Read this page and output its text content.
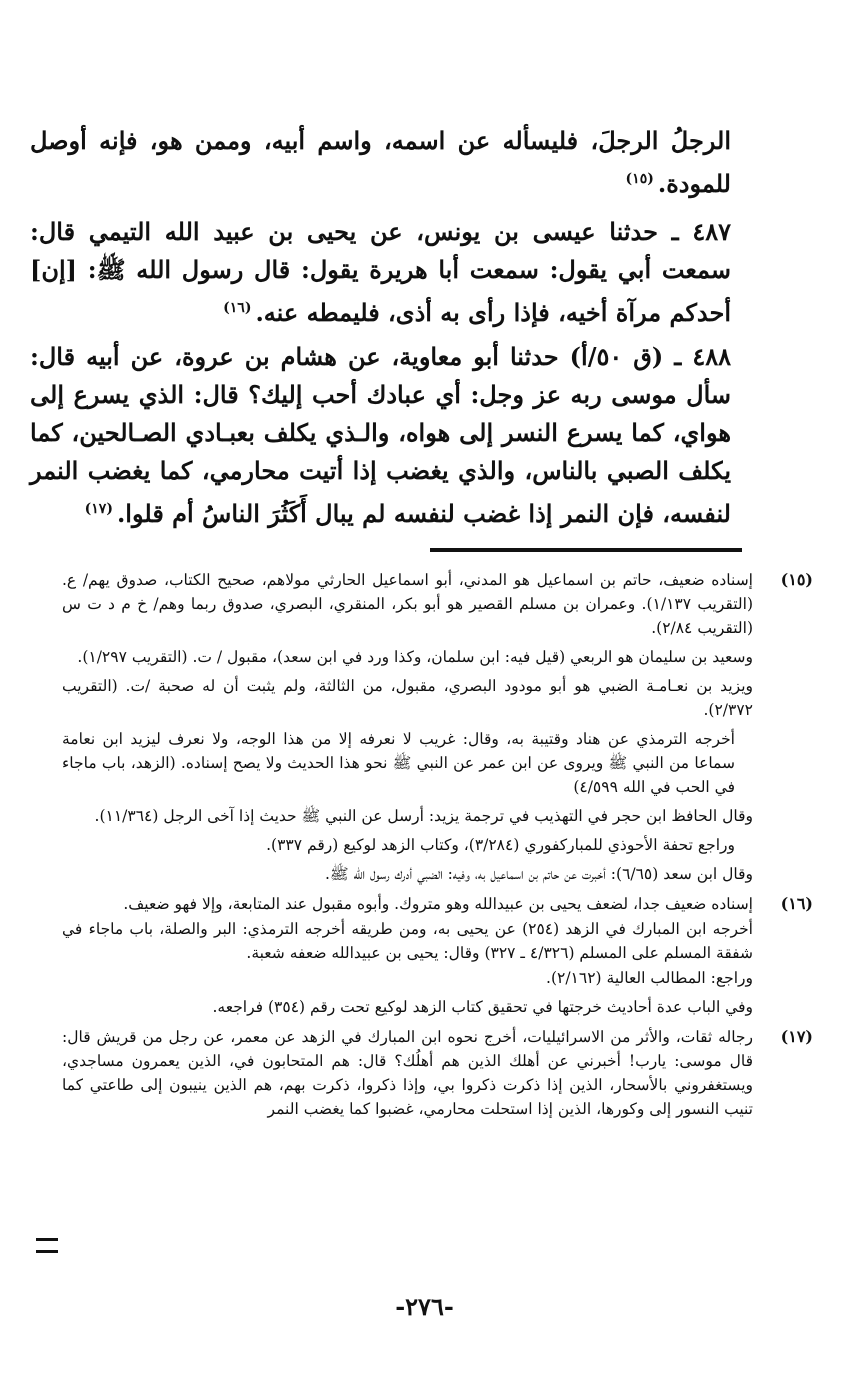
الرجلُ الرجلَ، فليسأله عن اسمه، واسم أبيه، وممن هو، فإنه أوصل للمودة.$^{(١٥)}$

٤٨٧ ـ حدثنا عيسى بن يونس، عن يحيى بن عبيد الله التيمي قال: سمعت أبي يقول: سمعت أبا هريرة يقول: قال رسول الله ﷺ: [إن] أحدكم مرآة أخيه، فإذا رأى به أذى، فليمطه عنه.$^{(١٦)}$

٤٨٨ ـ (ق ٥٠/أ) حدثنا أبو معاوية، عن هشام بن عروة، عن أبيه قال: سأل موسى ربه عز وجل: أي عبادك أحب إليك؟ قال: الذي يسرع إلى هواي، كما يسرع النسر إلى هواه، والـذي يكلف بعبـادي الصـالحين، كما يكلف الصبي بالناس، والذي يغضب إذا أتيت محارمي، كما يغضب النمر لنفسه، فإن النمر إذا غضب لنفسه لم يبال أَكَثُرَ الناسُ أم قلوا.$^{(١٧)}$

(١٥)

إسناده ضعيف، حاتم بن اسماعيل هو المدني، أبو اسماعيل الحارثي مولاهم، صحيح الكتاب، صدوق يهم/ ع. (التقريب ١/١٣٧). وعمران بن مسلم القصير هو أبو بكر، المنقري، البصري، صدوق ربما وهم/ خ م د ت س (التقريب ٢/٨٤).

وسعيد بن سليمان هو الربعي (قيل فيه: ابن سلمان، وكذا ورد في ابن سعد)، مقبول / ت. (التقريب ١/٢٩٧).

ويزيد بن نعـامـة الضبي هو أبو مودود البصري، مقبول، من الثالثة، ولم يثبت أن له صحبة /ت. (التقريب ٢/٣٧٢).

أخرجه الترمذي عن هناد وقتيبة به، وقال: غريب لا نعرفه إلا من هذا الوجه، ولا نعرف ليزيد ابن نعامة سماعا من النبي ﷺ ويروى عن ابن عمر عن النبي ﷺ نحو هذا الحديث ولا يصح إسناده. (الزهد، باب ماجاء في الحب في الله ٤/٥٩٩)

وقال الحافظ ابن حجر في التهذيب في ترجمة يزيد: أرسل عن النبي ﷺ حديث إذا آخى الرجل (١١/٣٦٤).

وراجع تحفة الأحوذي للمباركفوري (٣/٢٨٤)، وكتاب الزهد لوكيع (رقم ٣٣٧).

وقال ابن سعد (٦/٦٥): أخبرت عن حاتم بن اسماعيل به، وفيه: الضبي أدرك رسول الله ﷺ.

(١٦)

إسناده ضعيف جدا، لضعف يحيى بن عبيدالله وهو متروك. وأبوه مقبول عند المتابعة، وإلا فهو ضعيف.

أخرجه ابن المبارك في الزهد (٢٥٤) عن يحيى به، ومن طريقه أخرجه الترمذي: البر والصلة، باب ماجاء في شفقة المسلم على المسلم (٤/٣٢٦ ـ ٣٢٧) وقال: يحيى بن عبيدالله ضعفه شعبة.

وراجع: المطالب العالية (٢/١٦٢).

وفي الباب عدة أحاديث خرجتها في تحقيق كتاب الزهد لوكيع تحت رقم (٣٥٤) فراجعه.

(١٧)

رجاله ثقات، والأثر من الاسرائيليات، أخرج نحوه ابن المبارك في الزهد عن معمر، عن رجل من قريش قال: قال موسى: يارب! أخبرني عن أهلك الذين هم أهلُك؟ قال: هم المتحابون في، الذين يعمرون مساجدي، ويستغفروني بالأسحار، الذين إذا ذكرت ذكروا بي، وإذا ذكروا، ذكرت بهم، هم الذين ينيبون إلى طاعتي كما تنيب النسور إلى وكورها، الذين إذا استحلت محارمي، غضبوا كما يغضب النمر

-٢٧٦-
